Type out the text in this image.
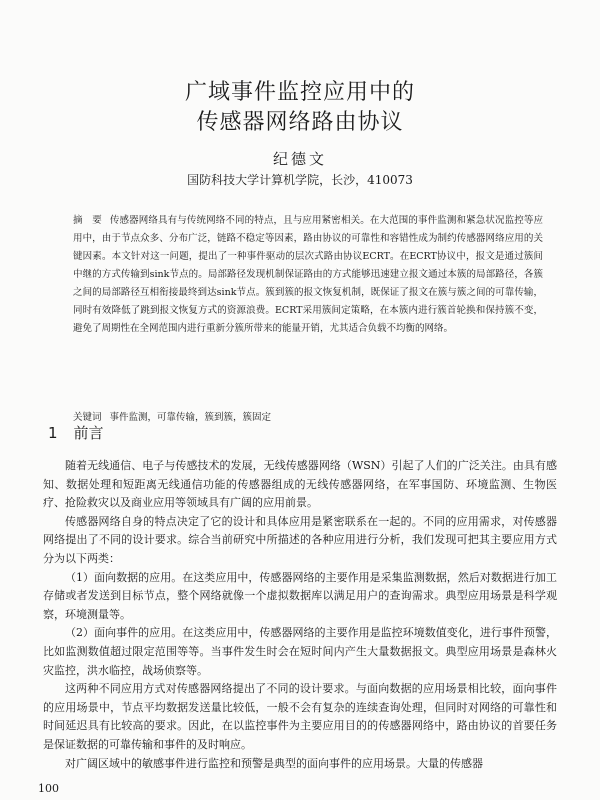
广域事件监控应用中的
传感器网络路由协议
纪德文
国防科技大学计算机学院，长沙，410073
摘　要 传感器网络具有与传统网络不同的特点，且与应用紧密相关。在大范围的事件监测和紧急状况监控等应用中，由于节点众多、分布广泛，链路不稳定等因素，路由协议的可靠性和容错性成为制约传感器网络应用的关键因素。本文针对这一问题，提出了一种事件驱动的层次式路由协议ECRT。在ECRT协议中，报文是通过簇间中继的方式传输到sink节点的。局部路径发现机制保证路由的方式能够迅速建立报文通过本簇的局部路径，各簇之间的局部路径互相衔接最终到达sink节点。簇到簇的报文恢复机制，既保证了报文在簇与簇之间的可靠传输，同时有效降低了跳到报文恢复方式的资源浪费。ECRT采用簇间定策略，在本簇内进行簇首轮换和保持簇不变，避免了周期性在全网范围内进行重新分簇所带来的能量开销，尤其适合负载不均衡的网络。
关键词 事件监测，可靠传输，簇到簇，簇固定
1 前言

随着无线通信、电子与传感技术的发展，无线传感器网络（WSN）引起了人们的广泛关注。由具有感知、数据处理和短距离无线通信功能的传感器组成的无线传感器网络，在军事国防、环境监测、生物医疗、抢险救灾以及商业应用等领域具有广阔的应用前景。

传感器网络自身的特点决定了它的设计和具体应用是紧密联系在一起的。不同的应用需求，对传感器网络提出了不同的设计要求。综合当前研究中所描述的各种应用进行分析，我们发现可把其主要应用方式分为以下两类：

（1）面向数据的应用。在这类应用中，传感器网络的主要作用是采集监测数据，然后对数据进行加工存储或者发送到目标节点，整个网络就像一个虚拟数据库以满足用户的查询需求。典型应用场景是科学观察，环境测量等。

（2）面向事件的应用。在这类应用中，传感器网络的主要作用是监控环境数值变化，进行事件预警，比如监测数值超过限定范围等等。当事件发生时会在短时间内产生大量数据报文。典型应用场景是森林火灾监控，洪水临控，战场侦察等。

这两种不同应用方式对传感器网络提出了不同的设计要求。与面向数据的应用场景相比较，面向事件的应用场景中，节点平均数据发送量比较低，一般不会有复杂的连续查询处理，但同时对网络的可靠性和时间延迟具有比较高的要求。因此，在以监控事件为主要应用目的的传感器网络中，路由协议的首要任务是保证数据的可靠传输和事件的及时响应。

对广阔区域中的敏感事件进行监控和预警是典型的面向事件的应用场景。大量的传感器

100
